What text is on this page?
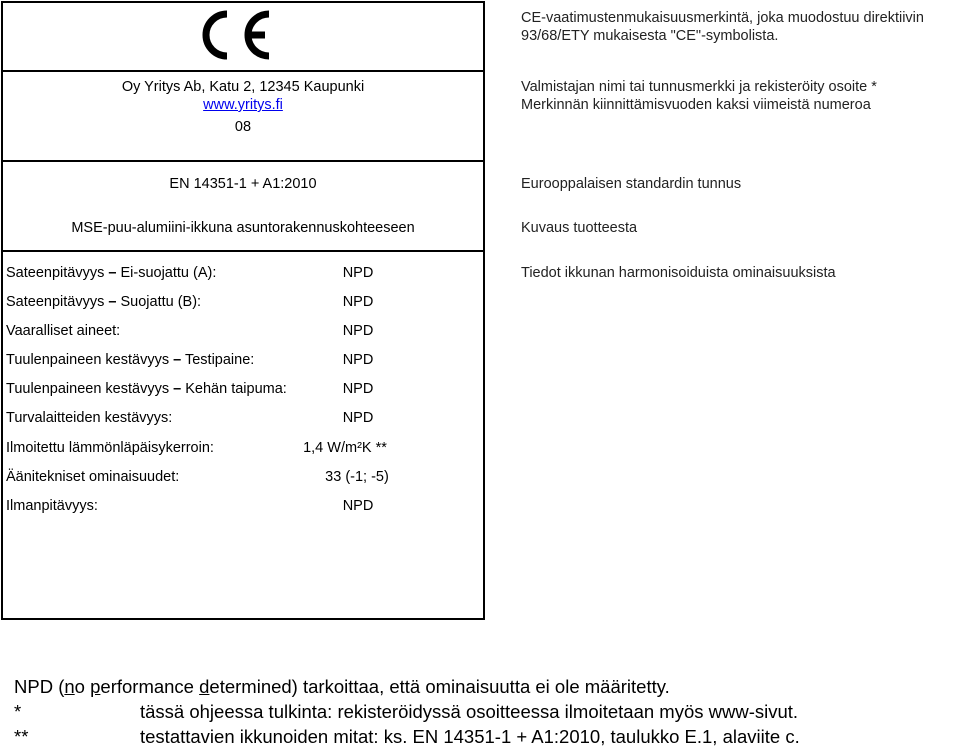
CE-vaatimustenmukaisuusmerkintä, joka muodostuu direktiivin
93/68/ETY mukaisesta "CE"-symbolista.
Oy Yritys Ab, Katu 2, 12345 Kaupunki
www.yritys.fi
08
Valmistajan nimi tai tunnusmerkki ja rekisteröity osoite *
Merkinnän kiinnittämisvuoden kaksi viimeistä numeroa
EN 14351-1 + A1:2010	Eurooppalaisen standardin tunnus
MSE-puu-alumiini-ikkuna asuntorakennuskohteeseen	Kuvaus tuotteesta
Tiedot ikkunan harmonisoiduista ominaisuuksista
Sateenpitävyys – Ei-suojattu (A):	NPD
Sateenpitävyys – Suojattu (B):	NPD
Vaaralliset aineet:	NPD
Tuulenpaineen kestävyys – Testipaine:	NPD
Tuulenpaineen kestävyys – Kehän taipuma:	NPD
Turvalaitteiden kestävyys:	NPD
Ilmoitettu lämmönläpäisykerroin:	1,4 W/m²K **
Äänitekniset ominaisuudet:	33 (-1; -5)
Ilmanpitävyys:	NPD
NPD (no performance determined) tarkoittaa, että ominaisuutta ei ole määritetty.
*	tässä ohjeessa tulkinta: rekisteröidyssä osoitteessa ilmoitetaan myös www-sivut.
**	testattavien ikkunoiden mitat: ks. EN 14351-1 + A1:2010, taulukko E.1, alaviite c.
